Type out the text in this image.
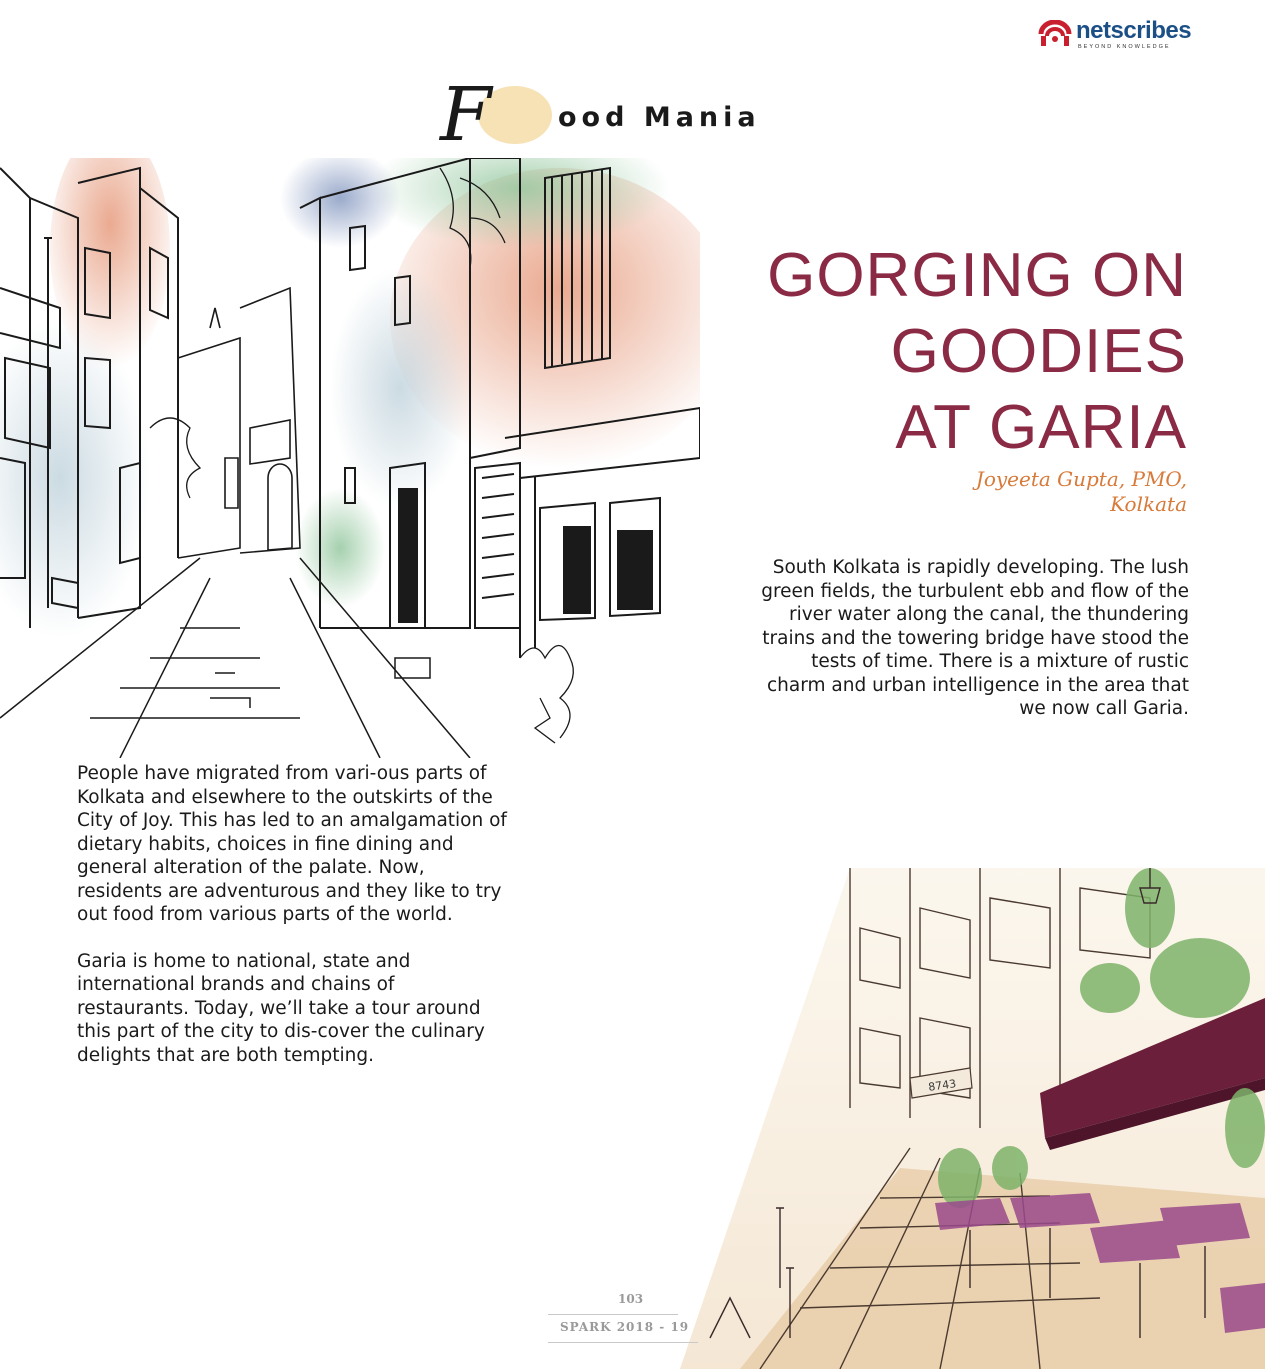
netscribes
BEYOND KNOWLEDGE
F ood Mania
GORGING ON
GOODIES
AT GARIA
Joyeeta Gupta, PMO,
Kolkata

South Kolkata is rapidly developing. The lush green fields, the turbulent ebb and flow of the river water along the canal, the thundering trains and the towering bridge have stood the tests of time. There is a mixture of rustic charm and urban intelligence in the area that we now call Garia.

People have migrated from vari-ous parts of Kolkata and elsewhere to the outskirts of the City of Joy. This has led to an amalgamation of dietary habits, choices in fine dining and general alteration of the palate. Now, residents are adventurous and they like to try out food from various parts of the world.

Garia is home to national, state and international brands and chains of restaurants. Today, we’ll take a tour around this part of the city to dis-cover the culinary delights that are both tempting.

8743
103
SPARK 2018 - 19
